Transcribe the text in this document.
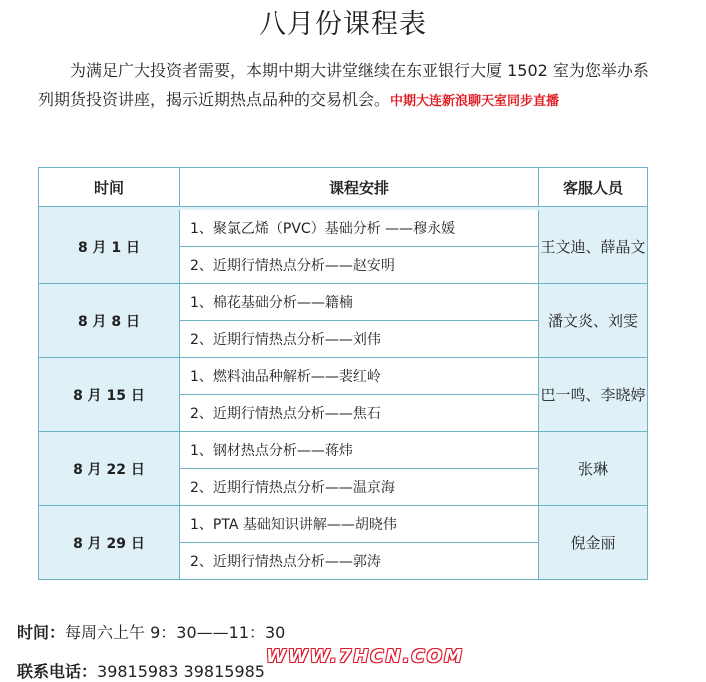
八月份课程表
为满足广大投资者需要，本期中期大讲堂继续在东亚银行大厦 1502 室为您举办系列期货投资讲座，揭示近期热点品种的交易机会。中期大连新浪聊天室同步直播
时间	课程安排	客服人员

8 月 1 日	1、聚氯乙烯（PVC）基础分析 ——穆永媛	王文迪、薛晶文
	2、近期行情热点分析——赵安明	
8 月 8 日	1、棉花基础分析——籍楠	潘文炎、刘雯
	2、近期行情热点分析——刘伟	
8 月 15 日	1、燃料油品种解析——裴红岭	巴一鸣、李晓婷
	2、近期行情热点分析——焦石	
8 月 22 日	1、钢材热点分析——蒋炜	张琳
	2、近期行情热点分析——温京海	
8 月 29 日	1、PTA 基础知识讲解——胡晓伟	倪金丽
	2、近期行情热点分析——郭涛	
时间：每周六上午 9：30——11：30
WWW.7HCN.COM
联系电话：39815983 39815985
